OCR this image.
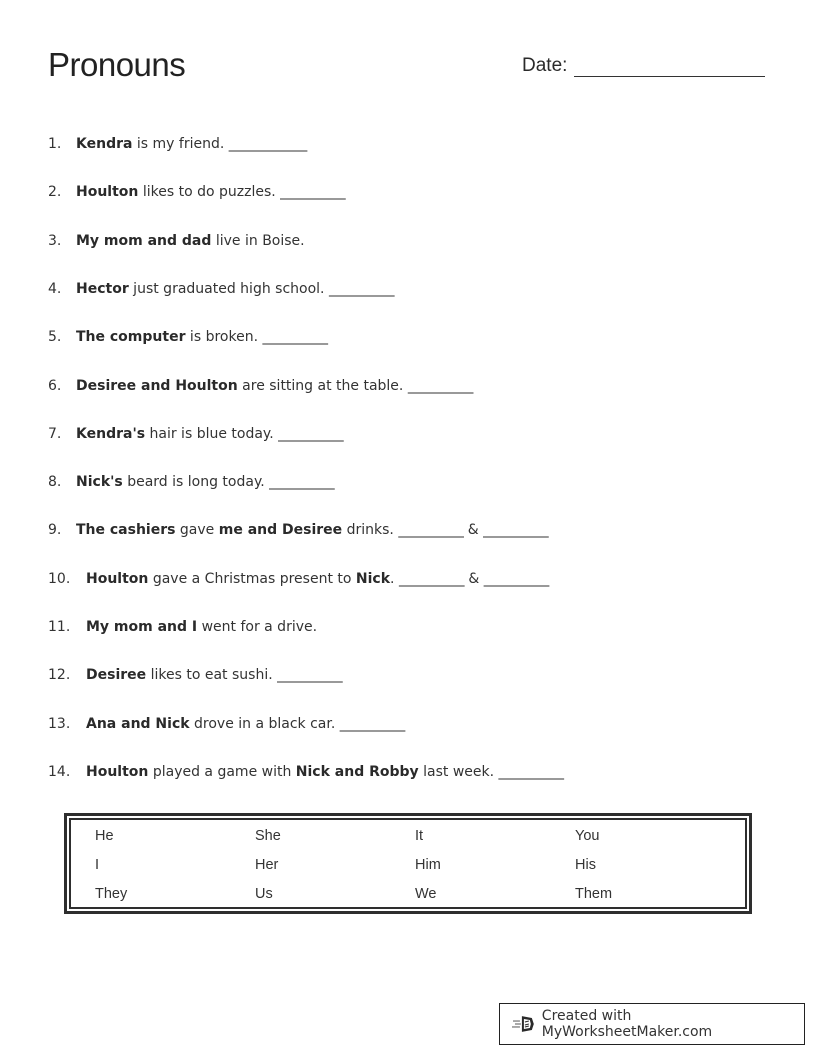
Pronouns	Date:
1. Kendra is my friend. ____________
2. Houlton likes to do puzzles. __________
3. My mom and dad live in Boise.
4. Hector just graduated high school. __________
5. The computer is broken. __________
6. Desiree and Houlton are sitting at the table. __________
7. Kendra's hair is blue today. __________
8. Nick's beard is long today. __________
9. The cashiers gave me and Desiree drinks. __________ & __________
10. Houlton gave a Christmas present to Nick. __________ & __________
11. My mom and I went for a drive.
12. Desiree likes to eat sushi. __________
13. Ana and Nick drove in a black car. __________
14. Houlton played a game with Nick and Robby last week. __________
He	She	It	You
I	Her	Him	His
They	Us	We	Them
Created with MyWorksheetMaker.com
